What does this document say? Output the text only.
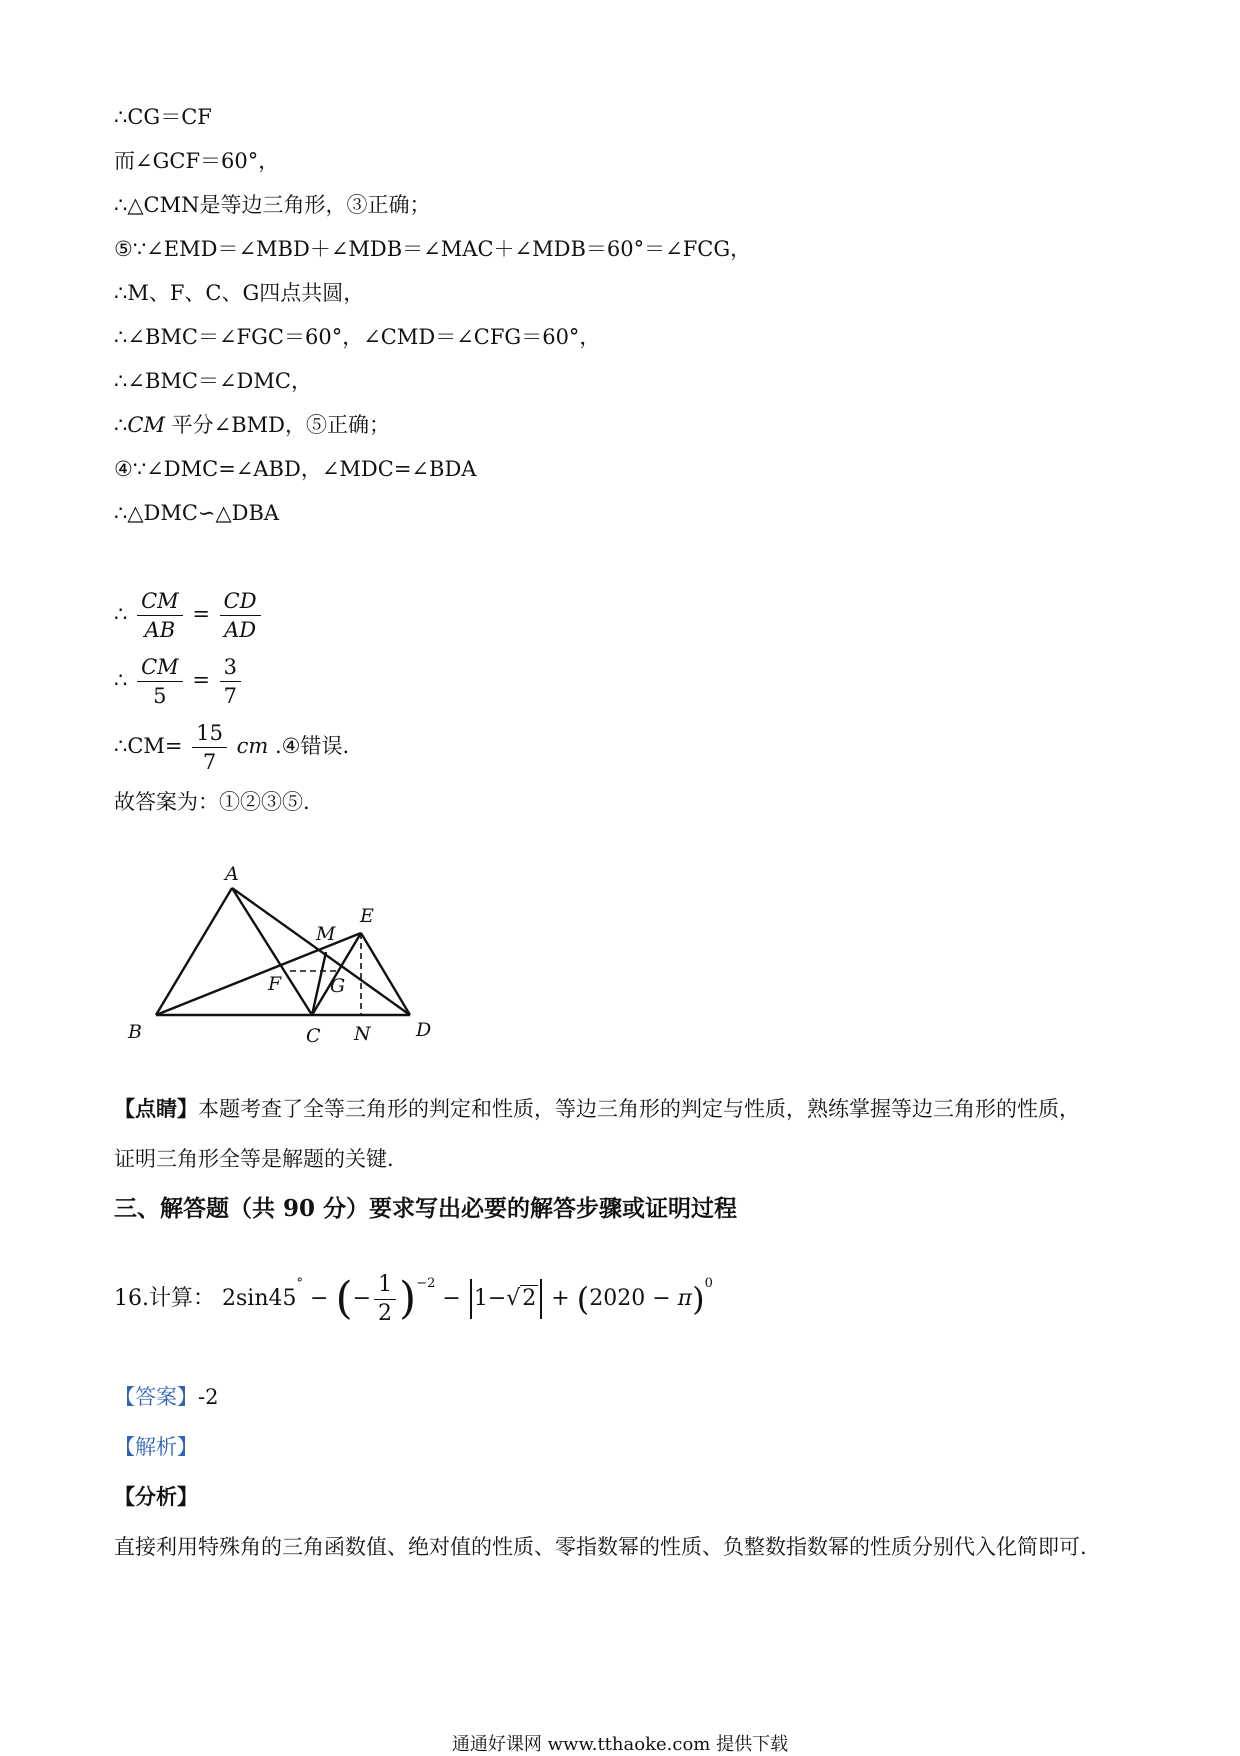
∴CG＝CF
而∠GCF＝60°，
∴△CMN是等边三角形，③正确；
⑤∵∠EMD＝∠MBD＋∠MDB＝∠MAC＋∠MDB＝60°＝∠FCG，
∴M、F、C、G四点共圆，
∴∠BMC＝∠FGC＝60°，∠CMD＝∠CFG＝60°，
∴∠BMC＝∠DMC，
∴CM 平分∠BMD，⑤正确；
④∵∠DMC=∠ABD，∠MDC=∠BDA
∴△DMC∽△DBA
∴ $\frac{CM}{AB} = \frac{CD}{AD}$
∴ $\frac{CM}{5} = \frac{3}{7}$
∴CM= $\frac{15}{7}$ cm .④错误.
故答案为：①②③⑤.
A
B	C	D
E
F	G
M
N
【点睛】本题考查了全等三角形的判定和性质，等边三角形的判定与性质，熟练掌握等边三角形的性质，
证明三角形全等是解题的关键.
三、解答题（共 90 分）要求写出必要的解答步骤或证明过程
16.计算： 2sin45° − (− $\frac{1}{2} )^{-2} - 1-√2 + (2020 - \pi)^0$
【答案】-2
【解析】
【分析】
直接利用特殊角的三角函数值、绝对值的性质、零指数幂的性质、负整数指数幂的性质分别代入化简即可.
通通好课网 www.tthaoke.com 提供下载
